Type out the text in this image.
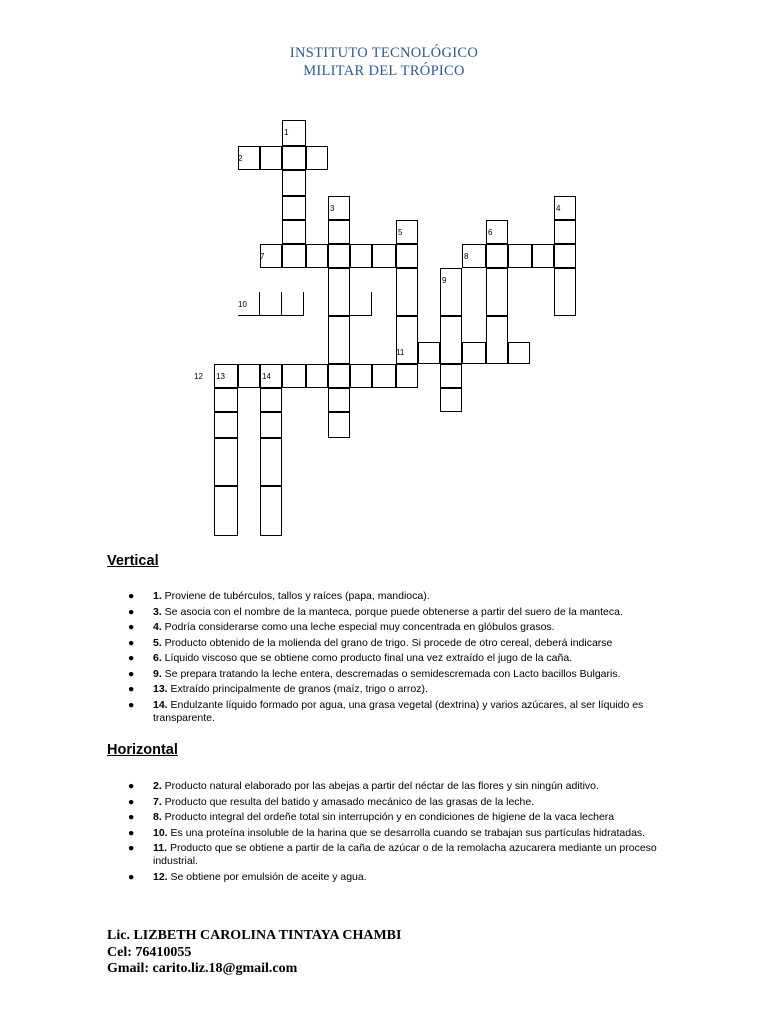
INSTITUTO TECNOLÓGICO
MILITAR DEL TRÓPICO
1
2
3	4
5	6
7	8
9
10
11
12 13	14
Vertical
● 1. Proviene de tubérculos, tallos y raíces (papa, mandioca).
● 3. Se asocia con el nombre de la manteca, porque puede obtenerse a partir del suero de la manteca.
● 4. Podría considerarse como una leche especial muy concentrada en glóbulos grasos.
● 5. Producto obtenido de la molienda del grano de trigo. Si procede de otro cereal, deberá indicarse
● 6. Líquido viscoso que se obtiene como producto final una vez extraído el jugo de la caña.
● 9. Se prepara tratando la leche entera, descremadas o semidescremada con Lacto bacillos Bulgaris.
● 13. Extraído principalmente de granos (maíz, trigo o arroz).
● 14. Endulzante líquido formado por agua, una grasa vegetal (dextrina) y varios azúcares, al ser líquido es transparente.
Horizontal
● 2. Producto natural elaborado por las abejas a partir del néctar de las flores y sin ningún aditivo.
● 7. Producto que resulta del batido y amasado mecánico de las grasas de la leche.
● 8. Producto integral del ordeñe total sin interrupción y en condiciones de higiene de la vaca lechera
● 10. Es una proteína insoluble de la harina que se desarrolla cuando se trabajan sus partículas hidratadas.
● 11. Producto que se obtiene a partir de la caña de azúcar o de la remolacha azucarera mediante un proceso industrial.
● 12. Se obtiene por emulsión de aceite y agua.
Lic. LIZBETH CAROLINA TINTAYA CHAMBI
Cel: 76410055
Gmail: carito.liz.18@gmail.com
